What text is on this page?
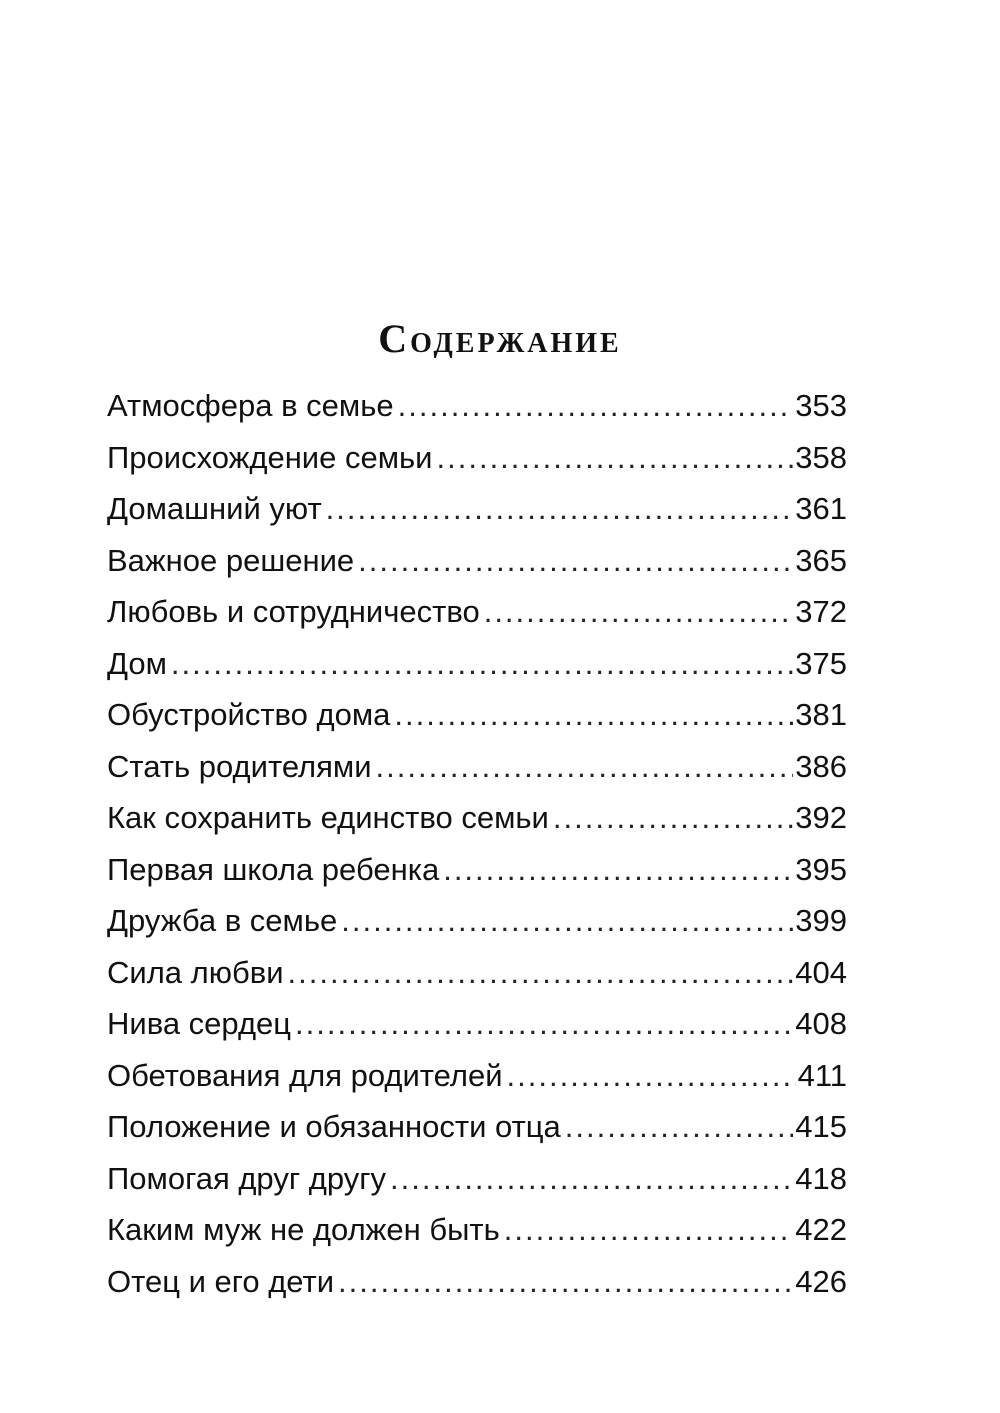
Содержание
Атмосфера в семье .....	353
Происхождение семьи .....	358
Домашний уют .....	361
Важное решение .....	365
Любовь и сотрудничество .....	372
Дом .....	375
Обустройство дома .....	381
Стать родителями .....	386
Как сохранить единство семьи .....	392
Первая школа ребенка .....	395
Дружба в семье .....	399
Сила любви .....	404
Нива сердец .....	408
Обетования для родителей .....	411
Положение и обязанности отца .....	415
Помогая друг другу .....	418
Каким муж не должен быть .....	422
Отец и его дети .....	426
